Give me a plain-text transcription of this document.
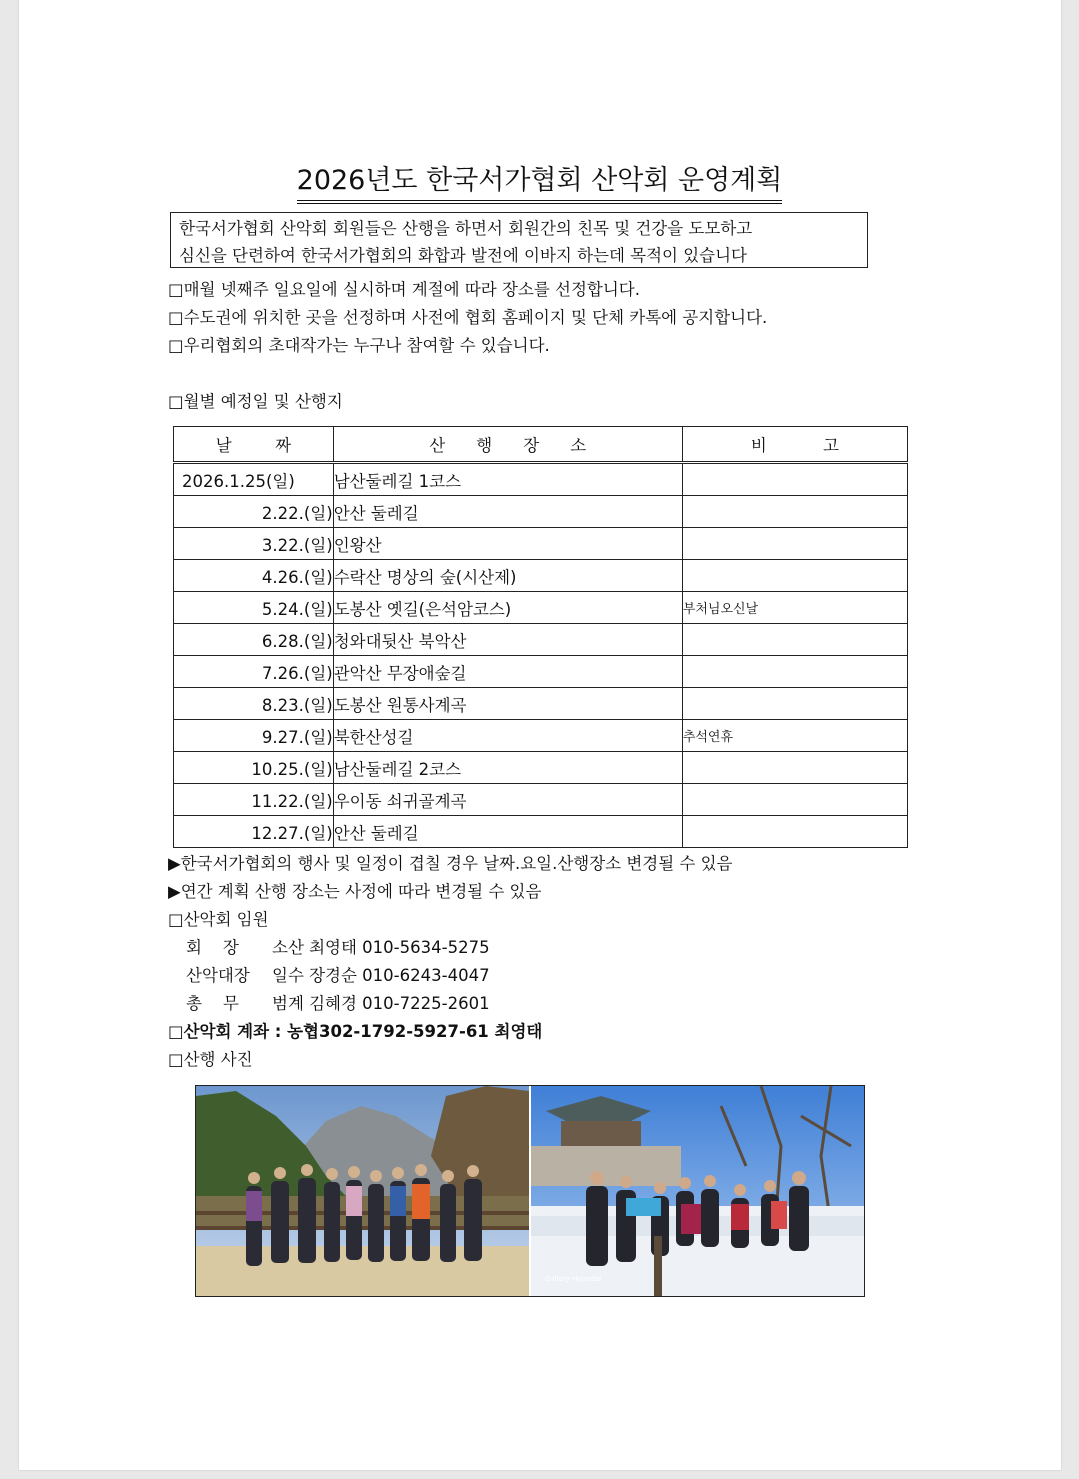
2026년도 한국서가협회 산악회 운영계획
한국서가협회 산악회 회원들은 산행을 하면서 회원간의 친목 및 건강을 도모하고
심신을 단련하여 한국서가협회의 화합과 발전에 이바지 하는데 목적이 있습니다
□매월 넷째주 일요일에 실시하며 계절에 따라 장소를 선정합니다.
□수도권에 위치한 곳을 선정하며 사전에 협회 홈페이지 및 단체 카톡에 공지합니다.
□우리협회의 초대작가는 누구나 참여할 수 있습니다.
□월별 예정일 및 산행지
날 짜	산 행 장 소	비 고

2026.1.25(일)	남산둘레길 1코스	
2.22.(일)	안산 둘레길	
3.22.(일)	인왕산	
4.26.(일)	수락산 명상의 숲(시산제)	
5.24.(일)	도봉산 옛길(은석암코스)	부처님오신날
6.28.(일)	청와대뒷산 북악산	
7.26.(일)	관악산 무장애숲길	
8.23.(일)	도봉산 원통사계곡	
9.27.(일)	북한산성길	추석연휴
10.25.(일)	남산둘레길 2코스	
11.22.(일)	우이동 쇠귀골계곡	
12.27.(일)	안산 둘레길	
▶한국서가협회의 행사 및 일정이 겹칠 경우 날짜.요일.산행장소 변경될 수 있음
▶연간 계획 산행 장소는 사정에 따라 변경될 수 있음
□산악회 임원
회    장 소산 최영태 010-5634-5275
산악대장 일수 장경순 010-6243-4047
총    무 범계 김혜경 010-7225-2601
□산악회 계좌 : 농협302-1792-5927-61 최영태
□산행 사진
Gallery Hyundai
